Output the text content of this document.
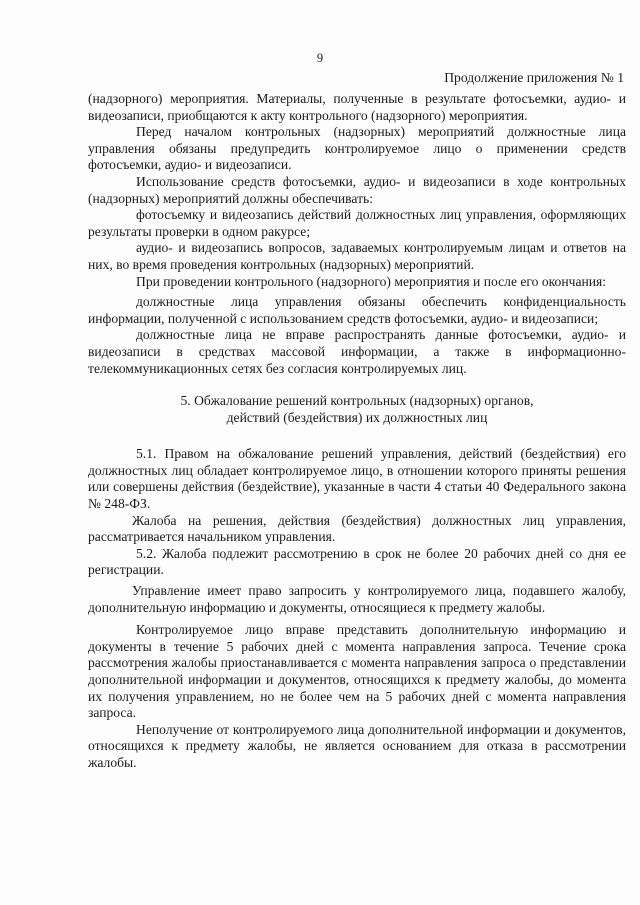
9
Продолжение приложения № 1

(надзорного) мероприятия. Материалы, полученные в результате фотосъемки, аудио- и видеозаписи, приобщаются к акту контрольного (надзорного) мероприятия.

Перед началом контрольных (надзорных) мероприятий должностные лица управления обязаны предупредить контролируемое лицо о применении средств фотосъемки, аудио- и видеозаписи.

Использование средств фотосъемки, аудио- и видеозаписи в ходе контрольных (надзорных) мероприятий должны обеспечивать:

фотосъемку и видеозапись действий должностных лиц управления, оформляющих результаты проверки в одном ракурсе;

аудио- и видеозапись вопросов, задаваемых контролируемым лицам и ответов на них, во время проведения контрольных (надзорных) мероприятий.

При проведении контрольного (надзорного) мероприятия и после его окончания:

должностные лица управления обязаны обеспечить конфиденциальность информации, полученной с использованием средств фотосъемки, аудио- и видеозаписи;

должностные лица не вправе распространять данные фотосъемки, аудио- и видеозаписи в средствах массовой информации, а также в информационно-телекоммуникационных сетях без согласия контролируемых лиц.

5. Обжалование решений контрольных (надзорных) органов,
действий (бездействия) их должностных лиц

5.1. Правом на обжалование решений управления, действий (бездействия) его должностных лиц обладает контролируемое лицо, в отношении которого приняты решения или совершены действия (бездействие), указанные в части 4 статьи 40 Федерального закона № 248-ФЗ.

Жалоба на решения, действия (бездействия) должностных лиц управления, рассматривается начальником управления.

5.2. Жалоба подлежит рассмотрению в срок не более 20 рабочих дней со дня ее регистрации.

Управление имеет право запросить у контролируемого лица, подавшего жалобу, дополнительную информацию и документы, относящиеся к предмету жалобы.

Контролируемое лицо вправе представить дополнительную информацию и документы в течение 5 рабочих дней с момента направления запроса. Течение срока рассмотрения жалобы приостанавливается с момента направления запроса о представлении дополнительной информации и документов, относящихся к предмету жалобы, до момента их получения управлением, но не более чем на 5 рабочих дней с момента направления запроса.

Неполучение от контролируемого лица дополнительной информации и документов, относящихся к предмету жалобы, не является основанием для отказа в рассмотрении жалобы.
